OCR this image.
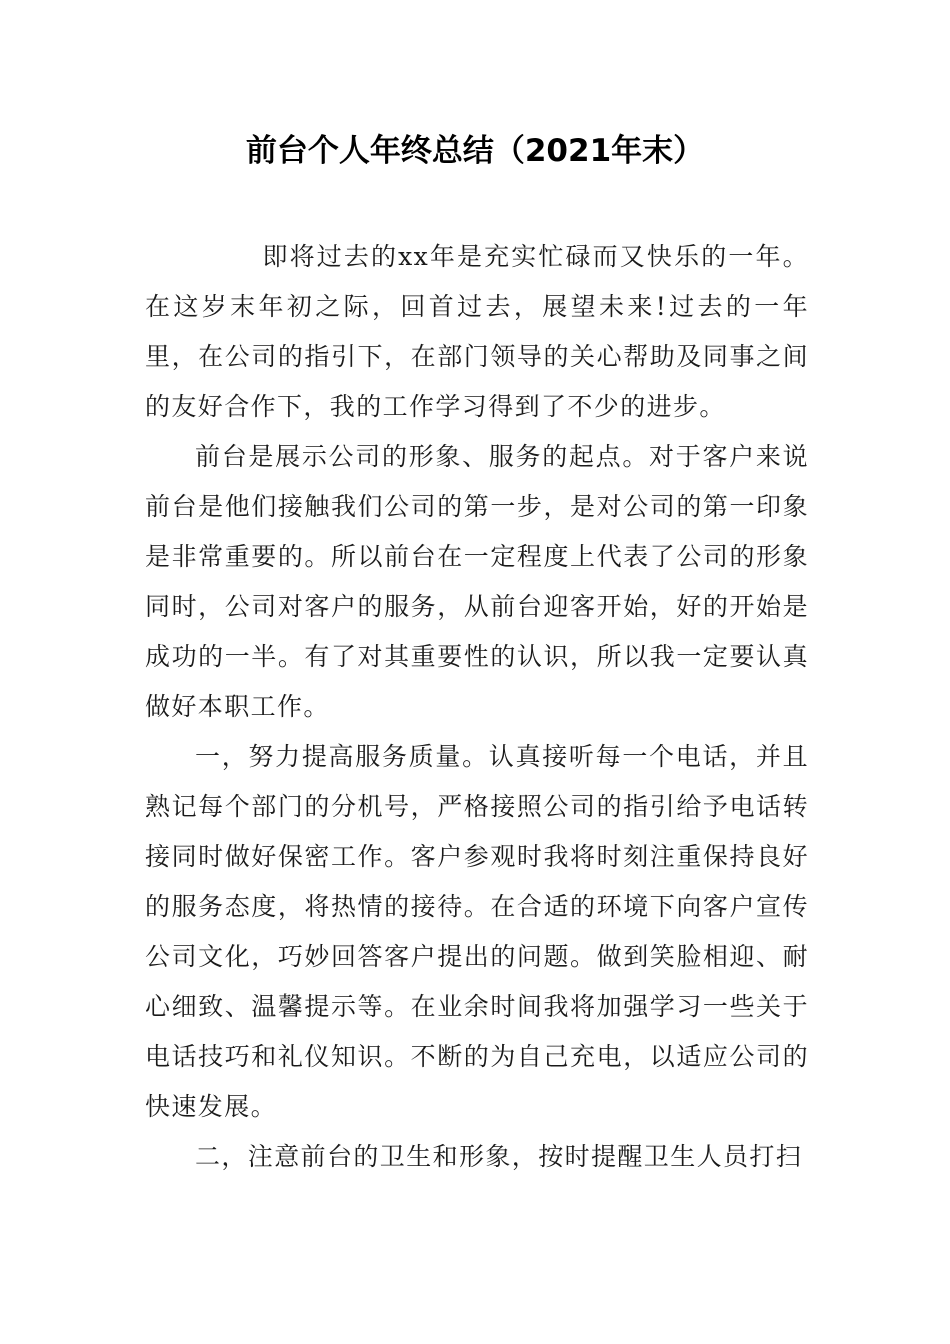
前台个人年终总结（2021年末）

即将过去的xx年是充实忙碌而又快乐的一年。在这岁末年初之际，回首过去，展望未来!过去的一年里，在公司的指引下，在部门领导的关心帮助及同事之间的友好合作下，我的工作学习得到了不少的进步。

前台是展示公司的形象、服务的起点。对于客户来说前台是他们接触我们公司的第一步，是对公司的第一印象是非常重要的。所以前台在一定程度上代表了公司的形象同时，公司对客户的服务，从前台迎客开始，好的开始是成功的一半。有了对其重要性的认识，所以我一定要认真做好本职工作。

一，努力提高服务质量。认真接听每一个电话，并且熟记每个部门的分机号，严格接照公司的指引给予电话转接同时做好保密工作。客户参观时我将时刻注重保持良好的服务态度，将热情的接待。在合适的环境下向客户宣传公司文化，巧妙回答客户提出的问题。做到笑脸相迎、耐心细致、温馨提示等。在业余时间我将加强学习一些关于电话技巧和礼仪知识。不断的为自己充电，以适应公司的快速发展。

二，注意前台的卫生和形象，按时提醒卫生人员打扫
